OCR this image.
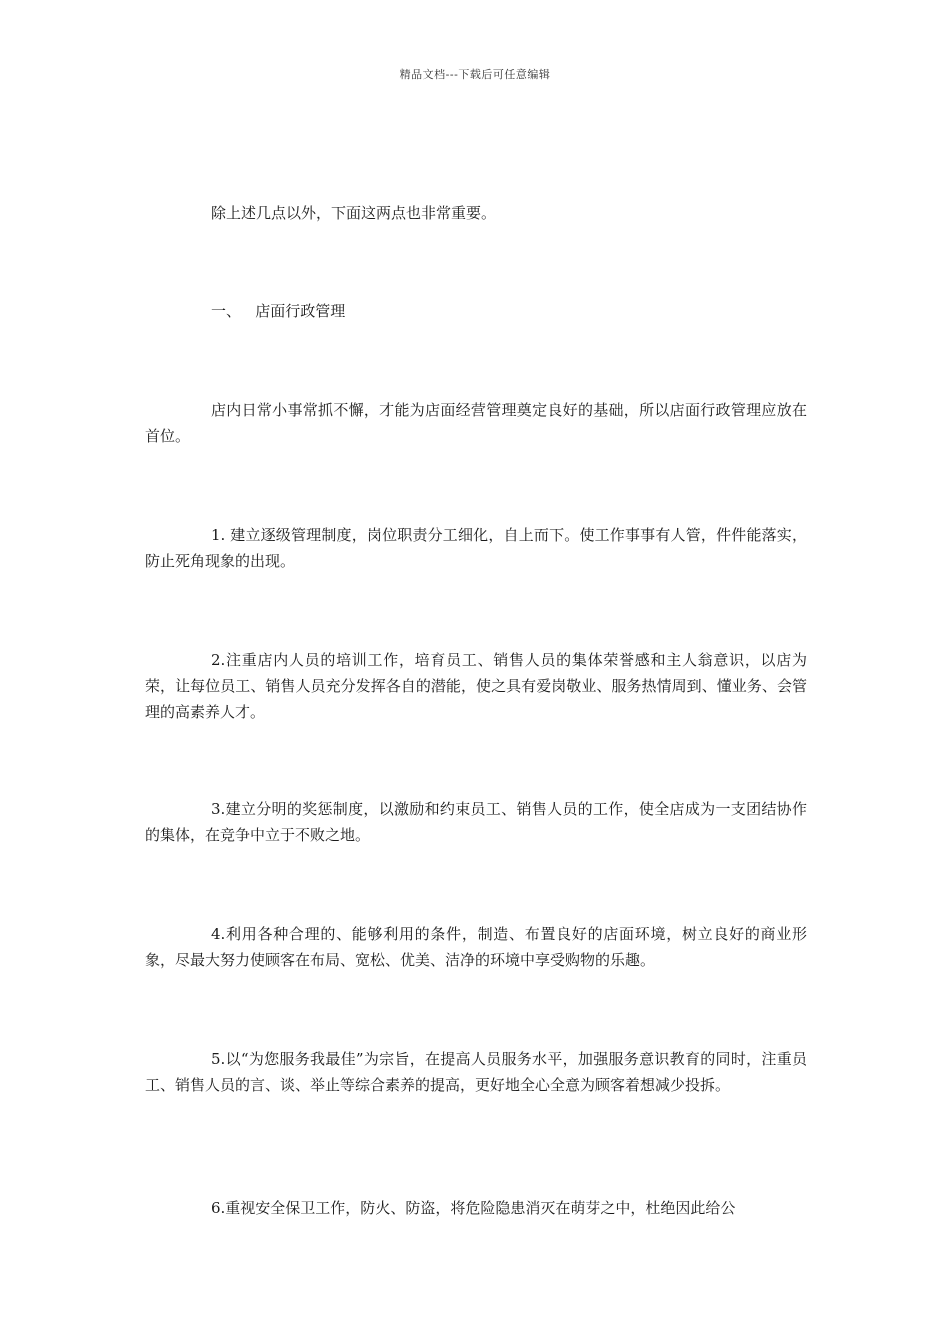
精品文档---下载后可任意编辑

除上述几点以外，下面这两点也非常重要。

一、   店面行政管理

店内日常小事常抓不懈，才能为店面经营管理奠定良好的基础，所以店面行政管理应放在首位。

1. 建立逐级管理制度，岗位职责分工细化，自上而下。使工作事事有人管，件件能落实，防止死角现象的出现。

2.注重店内人员的培训工作，培育员工、销售人员的集体荣誉感和主人翁意识，以店为荣，让每位员工、销售人员充分发挥各自的潜能，使之具有爱岗敬业、服务热情周到、懂业务、会管理的高素养人才。

3.建立分明的奖惩制度，以激励和约束员工、销售人员的工作，使全店成为一支团结协作的集体，在竞争中立于不败之地。

4.利用各种合理的、能够利用的条件，制造、布置良好的店面环境，树立良好的商业形象，尽最大努力使顾客在布局、宽松、优美、洁净的环境中享受购物的乐趣。

5.以“为您服务我最佳”为宗旨，在提高人员服务水平，加强服务意识教育的同时，注重员工、销售人员的言、谈、举止等综合素养的提高，更好地全心全意为顾客着想减少投拆。

6.重视安全保卫工作，防火、防盗，将危险隐患消灭在萌芽之中，杜绝因此给公
